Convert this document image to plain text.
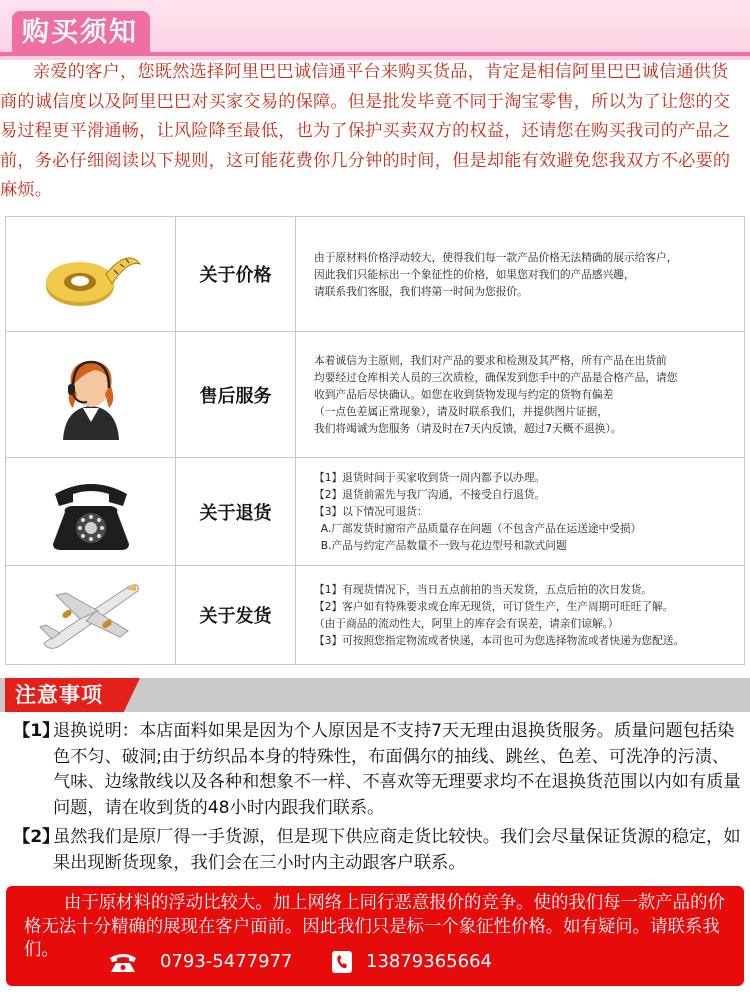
购买须知
亲爱的客户，您既然选择阿里巴巴诚信通平台来购买货品，肯定是相信阿里巴巴诚信通供货商的诚信度以及阿里巴巴对买家交易的保障。但是批发毕竟不同于淘宝零售，所以为了让您的交易过程更平滑通畅，让风险降至最低，也为了保护买卖双方的权益，还请您在购买我司的产品之前，务必仔细阅读以下规则，这可能花费你几分钟的时间，但是却能有效避免您我双方不必要的麻烦。
	关于价格	由于原材料价格浮动较大，使得我们每一款产品价格无法精确的展示给客户，
因此我们只能标出一个象征性的价格，如果您对我们的产品感兴趣，
请联系我们客服，我们将第一时间为您报价。

	售后服务	本着诚信为主原则，我们对产品的要求和检测及其严格，所有产品在出货前
均要经过仓库相关人员的三次质检，确保发到您手中的产品是合格产品，请您
收到产品后尽快确认。如您在收到货物发现与约定的货物有偏差
（一点色差属正常现象），请及时联系我们，并提供图片证据，
我们将竭诚为您服务（请及时在7天内反馈，超过7天概不退换）。

	关于退货	【1】退货时间于买家收到货一周内都予以办理。
【2】退货前需先与我厂沟通，不接受自行退货。
【3】以下情况可退货：
A.厂部发货时窗帘产品质量存在问题（不包含产品在运送途中受损）
B.产品与约定产品数量不一致与花边型号和款式问题

	关于发货	【1】有现货情况下，当日五点前拍的当天发货，五点后拍的次日发货。
【2】客户如有特殊要求或仓库无现货，可订货生产，生产周期可旺旺了解。
（由于商品的流动性大，阿里上的库存会有误差，请亲们谅解。）
【3】可按照您指定物流或者快递，本司也可为您选择物流或者快递为您配送。
注意事项
【1】
退换说明：本店面料如果是因为个人原因是不支持7天无理由退换货服务。质量问题包括染色不匀、破洞;由于纺织品本身的特殊性，布面偶尔的抽线、跳丝、色差、可洗净的污渍、气味、边缘散线以及各种和想象不一样、不喜欢等无理要求均不在退换货范围以内如有质量问题，请在收到货的48小时内跟我们联系。
【2】
虽然我们是原厂得一手货源，但是现下供应商走货比较快。我们会尽量保证货源的稳定，如果出现断货现象，我们会在三小时内主动跟客户联系。
由于原材料的浮动比较大。加上网络上同行恶意报价的竞争。使的我们每一款产品的价格无法十分精确的展现在客户面前。因此我们只是标一个象征性价格。如有疑问。请联系我们。
0793-5477977	13879365664
